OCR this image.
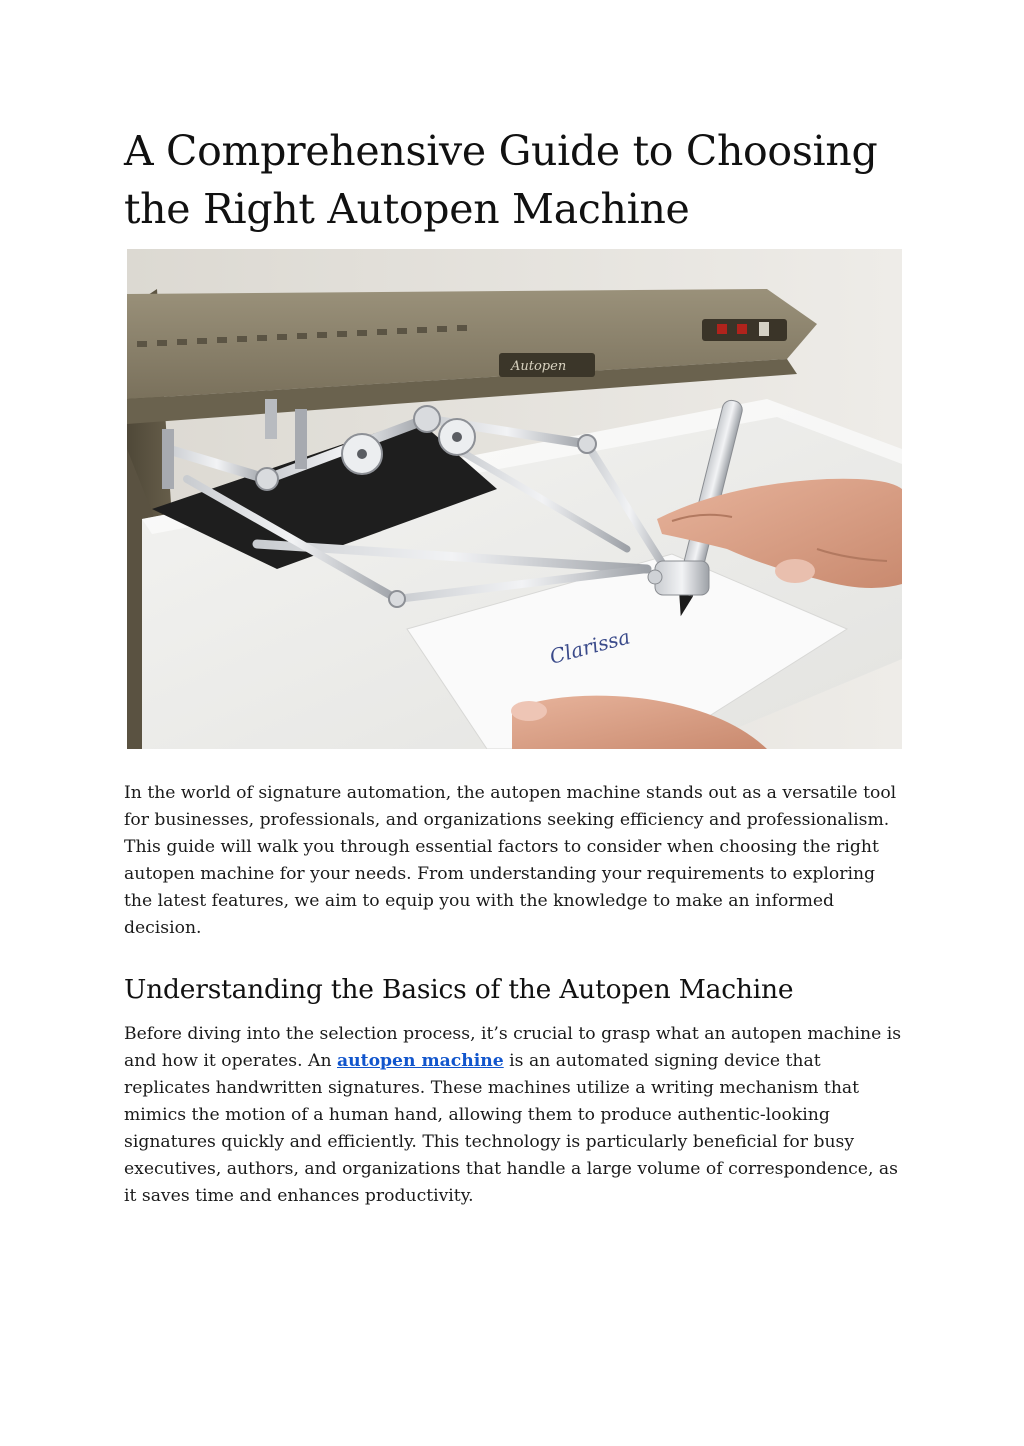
A Comprehensive Guide to Choosing the Right Autopen Machine
Autopen
Clarissa

In the world of signature automation, the autopen machine stands out as a versatile tool for businesses, professionals, and organizations seeking efficiency and professionalism. This guide will walk you through essential factors to consider when choosing the right autopen machine for your needs. From understanding your requirements to exploring the latest features, we aim to equip you with the knowledge to make an informed decision.

Understanding the Basics of the Autopen Machine

Before diving into the selection process, it’s crucial to grasp what an autopen machine is and how it operates. An autopen machine is an automated signing device that replicates handwritten signatures. These machines utilize a writing mechanism that mimics the motion of a human hand, allowing them to produce authentic-looking signatures quickly and efficiently. This technology is particularly beneficial for busy executives, authors, and organizations that handle a large volume of correspondence, as it saves time and enhances productivity.
